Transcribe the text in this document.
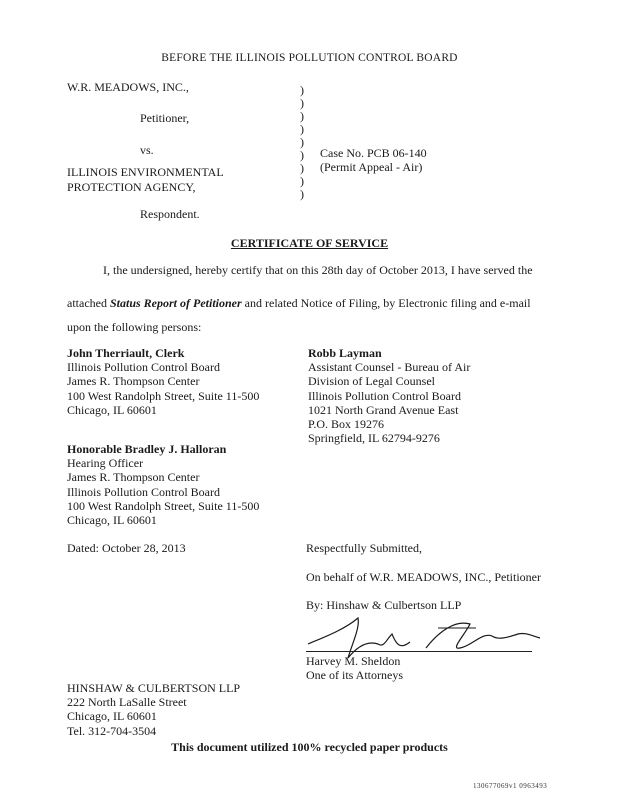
BEFORE THE ILLINOIS POLLUTION CONTROL BOARD
W.R. MEADOWS, INC.,
Petitioner,
vs.
ILLINOIS ENVIRONMENTAL
PROTECTION AGENCY,
Respondent.
)
)
)
)
)
)
)
)
)
Case No. PCB 06-140
(Permit Appeal - Air)
CERTIFICATE OF SERVICE
I, the undersigned, hereby certify that on this 28th day of October 2013, I have served the
attached Status Report of Petitioner and related Notice of Filing, by Electronic filing and e-mail
upon the following persons:
John Therriault, Clerk
Illinois Pollution Control Board
James R. Thompson Center
100 West Randolph Street, Suite 11-500
Chicago, IL 60601
Robb Layman
Assistant Counsel - Bureau of Air
Division of Legal Counsel
Illinois Pollution Control Board
1021 North Grand Avenue East
P.O. Box 19276
Springfield, IL 62794-9276
Honorable Bradley J. Halloran
Hearing Officer
James R. Thompson Center
Illinois Pollution Control Board
100 West Randolph Street, Suite 11-500
Chicago, IL 60601
Dated: October 28, 2013	Respectfully Submitted,
On behalf of W.R. MEADOWS, INC., Petitioner
By: Hinshaw & Culbertson LLP
Harvey M. Sheldon
One of its Attorneys
HINSHAW & CULBERTSON LLP
222 North LaSalle Street
Chicago, IL 60601
Tel. 312-704-3504
This document utilized 100% recycled paper products
130677069v1 0963493
